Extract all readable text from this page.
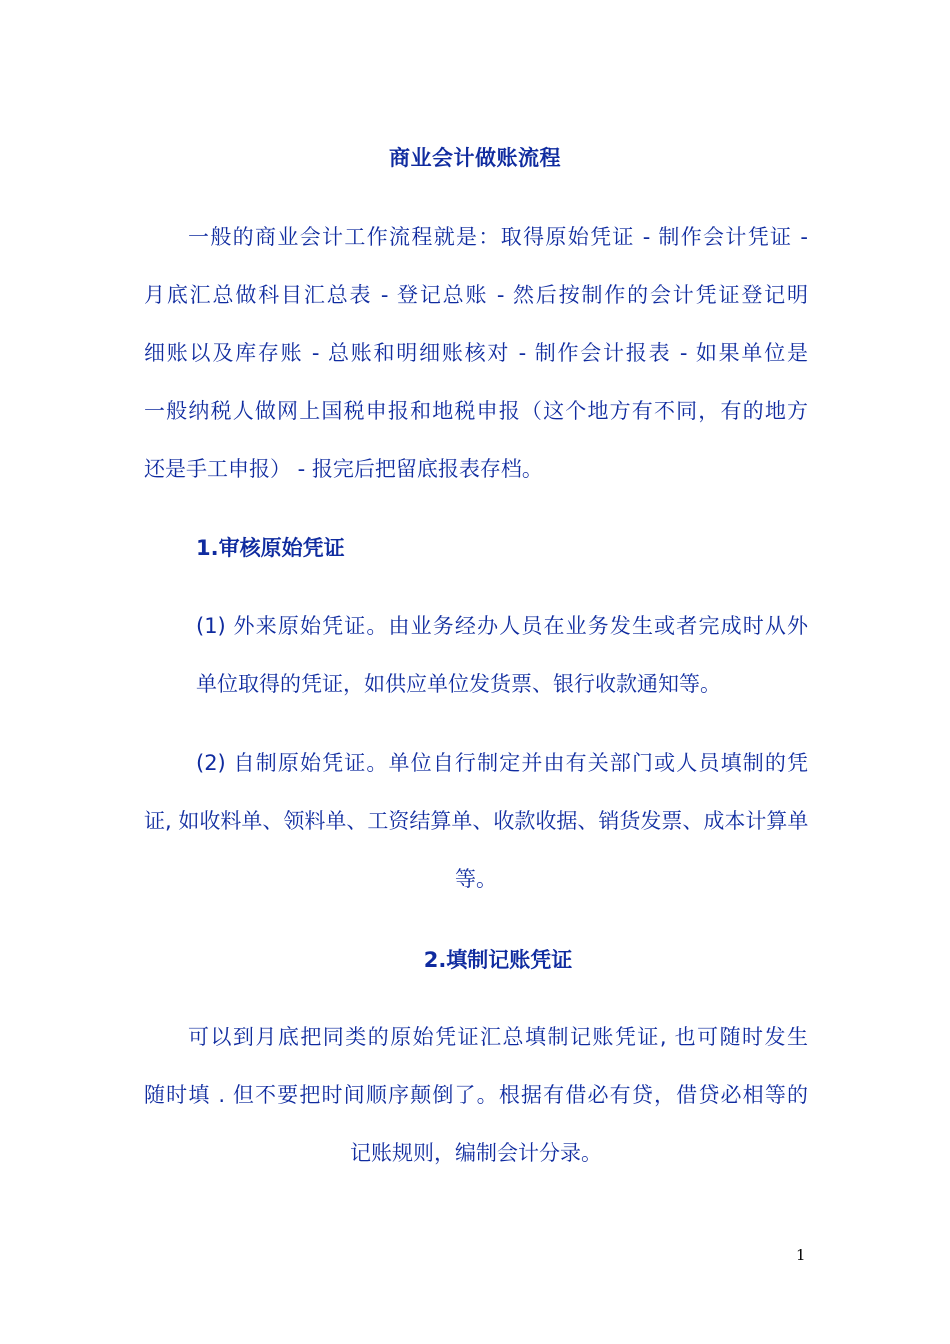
商业会计做账流程
一般的商业会计工作流程就是：取得原始凭证 - 制作会计凭证 -
月底汇总做科目汇总表 - 登记总账 - 然后按制作的会计凭证登记明
细账以及库存账 - 总账和明细账核对 - 制作会计报表 - 如果单位是
一般纳税人做网上国税申报和地税申报（这个地方有不同，有的地方
还是手工申报） - 报完后把留底报表存档。
1.审核原始凭证
(1) 外来原始凭证。由业务经办人员在业务发生或者完成时从外
单位取得的凭证，如供应单位发货票、银行收款通知等。
(2) 自制原始凭证。单位自行制定并由有关部门或人员填制的凭
证, 如收料单、领料单、工资结算单、收款收据、销货发票、成本计算单
等。
2.填制记账凭证
可以到月底把同类的原始凭证汇总填制记账凭证, 也可随时发生
随时填 . 但不要把时间顺序颠倒了。根据有借必有贷，借贷必相等的
记账规则，编制会计分录。
1
